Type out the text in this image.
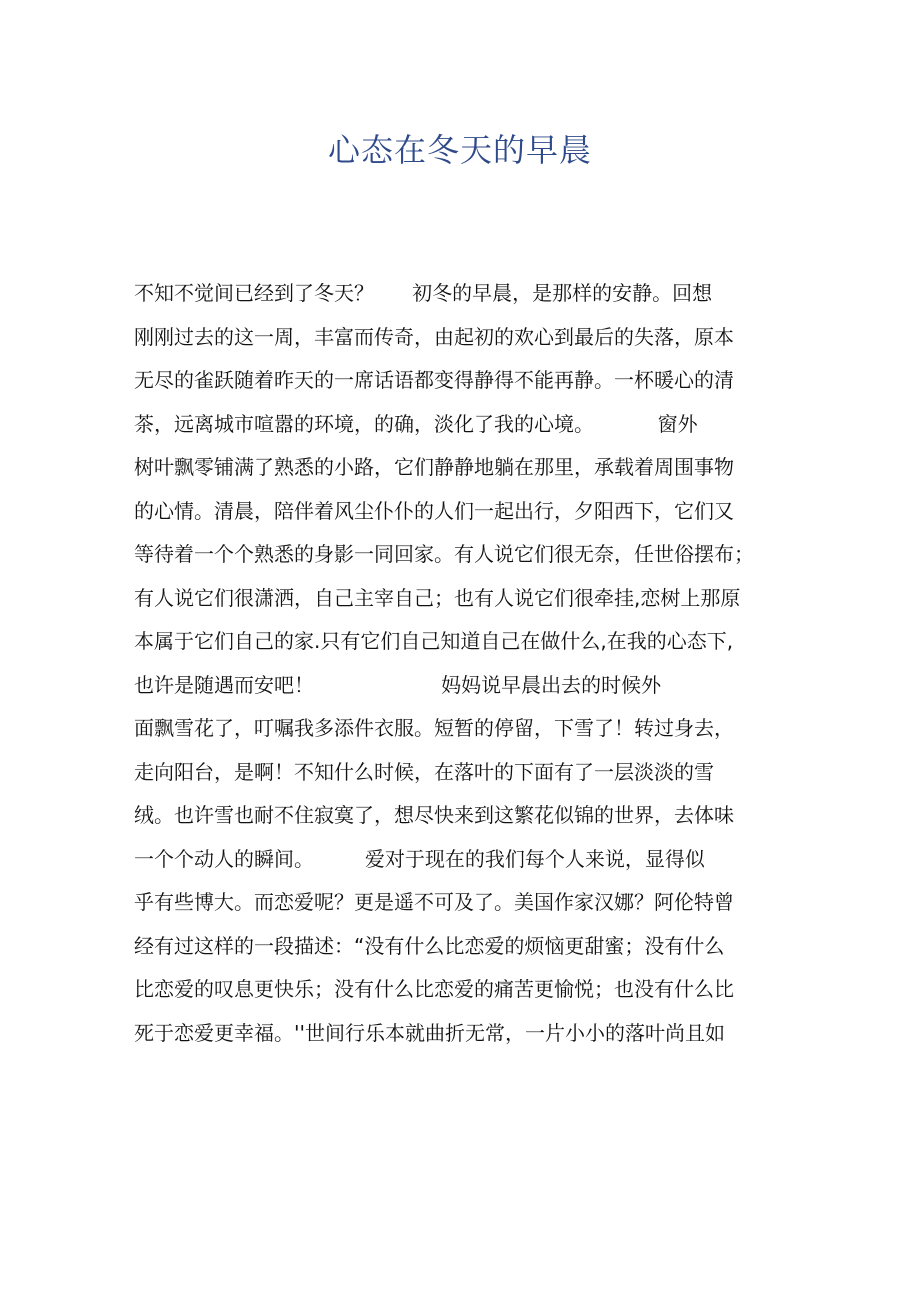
心态在冬天的早晨
不知不觉间已经到了冬天？      初冬的早晨，是那样的安静。回想
刚刚过去的这一周，丰富而传奇，由起初的欢心到最后的失落，原本
无尽的雀跃随着昨天的一席话语都变得静得不能再静。一杯暖心的清
茶，远离城市喧嚣的环境，的确，淡化了我的心境。          窗外
树叶飘零铺满了熟悉的小路，它们静静地躺在那里，承载着周围事物
的心情。清晨，陪伴着风尘仆仆的人们一起出行，夕阳西下，它们又
等待着一个个熟悉的身影一同回家。有人说它们很无奈，任世俗摆布；
有人说它们很潇洒，自己主宰自己；也有人说它们很牵挂,恋树上那原
本属于它们自己的家.只有它们自己知道自己在做什么,在我的心态下,
也许是随遇而安吧！                    妈妈说早晨出去的时候外
面飘雪花了，叮嘱我多添件衣服。短暂的停留，下雪了！转过身去，
走向阳台，是啊！不知什么时候，在落叶的下面有了一层淡淡的雪
绒。也许雪也耐不住寂寞了，想尽快来到这繁花似锦的世界，去体味
一个个动人的瞬间。        爱对于现在的我们每个人来说，显得似
乎有些博大。而恋爱呢？更是遥不可及了。美国作家汉娜？阿伦特曾
经有过这样的一段描述：“没有什么比恋爱的烦恼更甜蜜；没有什么
比恋爱的叹息更快乐；没有什么比恋爱的痛苦更愉悦；也没有什么比
死于恋爱更幸福。''世间行乐本就曲折无常，一片小小的落叶尚且如
